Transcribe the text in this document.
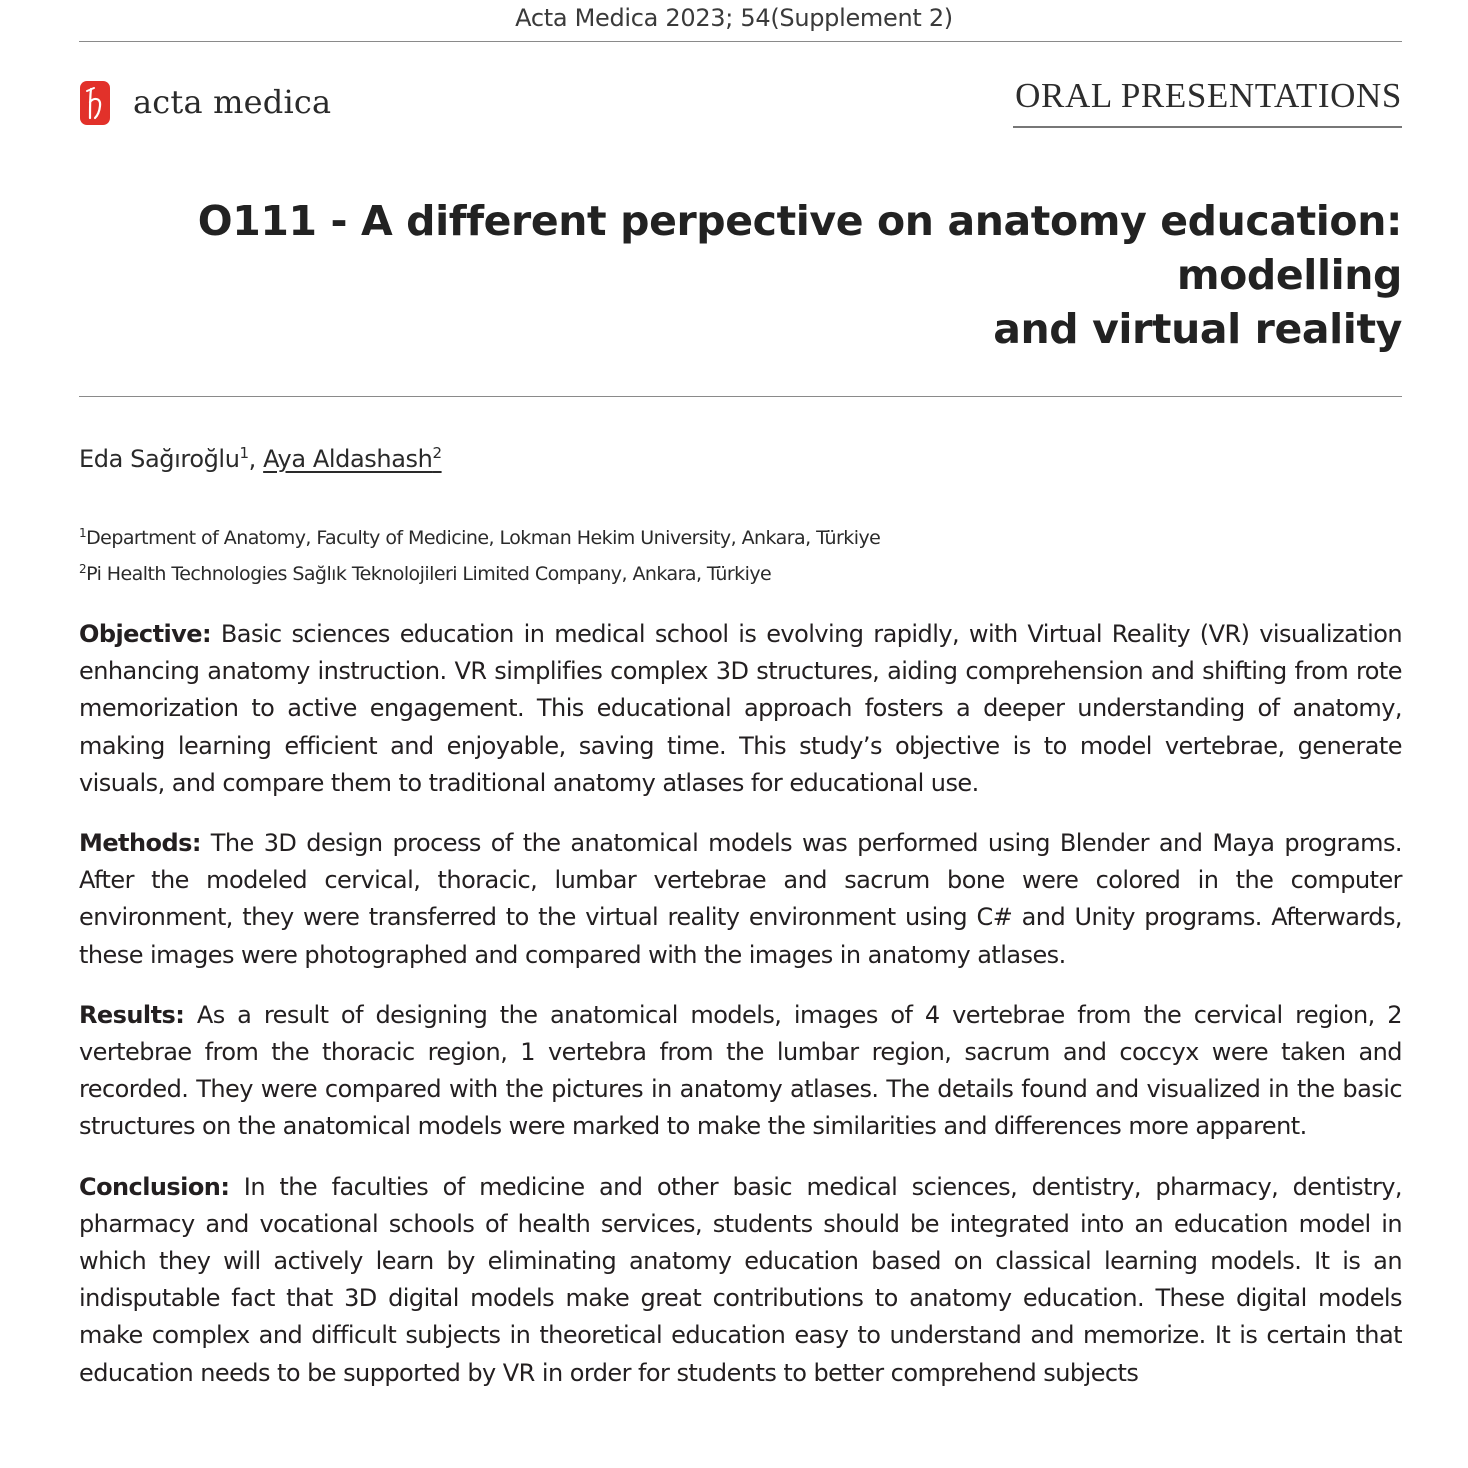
Acta Medica 2023; 54(Supplement 2)
acta medica	ORAL PRESENTATIONS
O111 - A different perpective on anatomy education: modelling
and virtual reality
Eda Sağıroğlu$^1$, Aya Aldashash$^2$
$^1$Department of Anatomy, Faculty of Medicine, Lokman Hekim University, Ankara, Türkiye
$^2$Pi Health Technologies Sağlık Teknolojileri Limited Company, Ankara, Türkiye

Objective: Basic sciences education in medical school is evolving rapidly, with Virtual Reality (VR) visualization enhancing anatomy instruction. VR simplifies complex 3D structures, aiding comprehension and shifting from rote memorization to active engagement. This educational approach fosters a deeper understanding of anatomy, making learning efficient and enjoyable, saving time. This study’s objective is to model vertebrae, generate visuals, and compare them to traditional anatomy atlases for educational use.

Methods: The 3D design process of the anatomical models was performed using Blender and Maya programs. After the modeled cervical, thoracic, lumbar vertebrae and sacrum bone were colored in the computer environment, they were transferred to the virtual reality environment using C# and Unity programs. Afterwards, these images were photographed and compared with the images in anatomy atlases.

Results: As a result of designing the anatomical models, images of 4 vertebrae from the cervical region, 2 vertebrae from the thoracic region, 1 vertebra from the lumbar region, sacrum and coccyx were taken and recorded. They were compared with the pictures in anatomy atlases. The details found and visualized in the basic structures on the anatomical models were marked to make the similarities and differences more apparent.

Conclusion: In the faculties of medicine and other basic medical sciences, dentistry, pharmacy, dentistry, pharmacy and vocational schools of health services, students should be integrated into an education model in which they will actively learn by eliminating anatomy education based on classical learning models. It is an indisputable fact that 3D digital models make great contributions to anatomy education. These digital models make complex and difficult subjects in theoretical education easy to understand and memorize. It is certain that education needs to be supported by VR in order for students to better comprehend subjects
